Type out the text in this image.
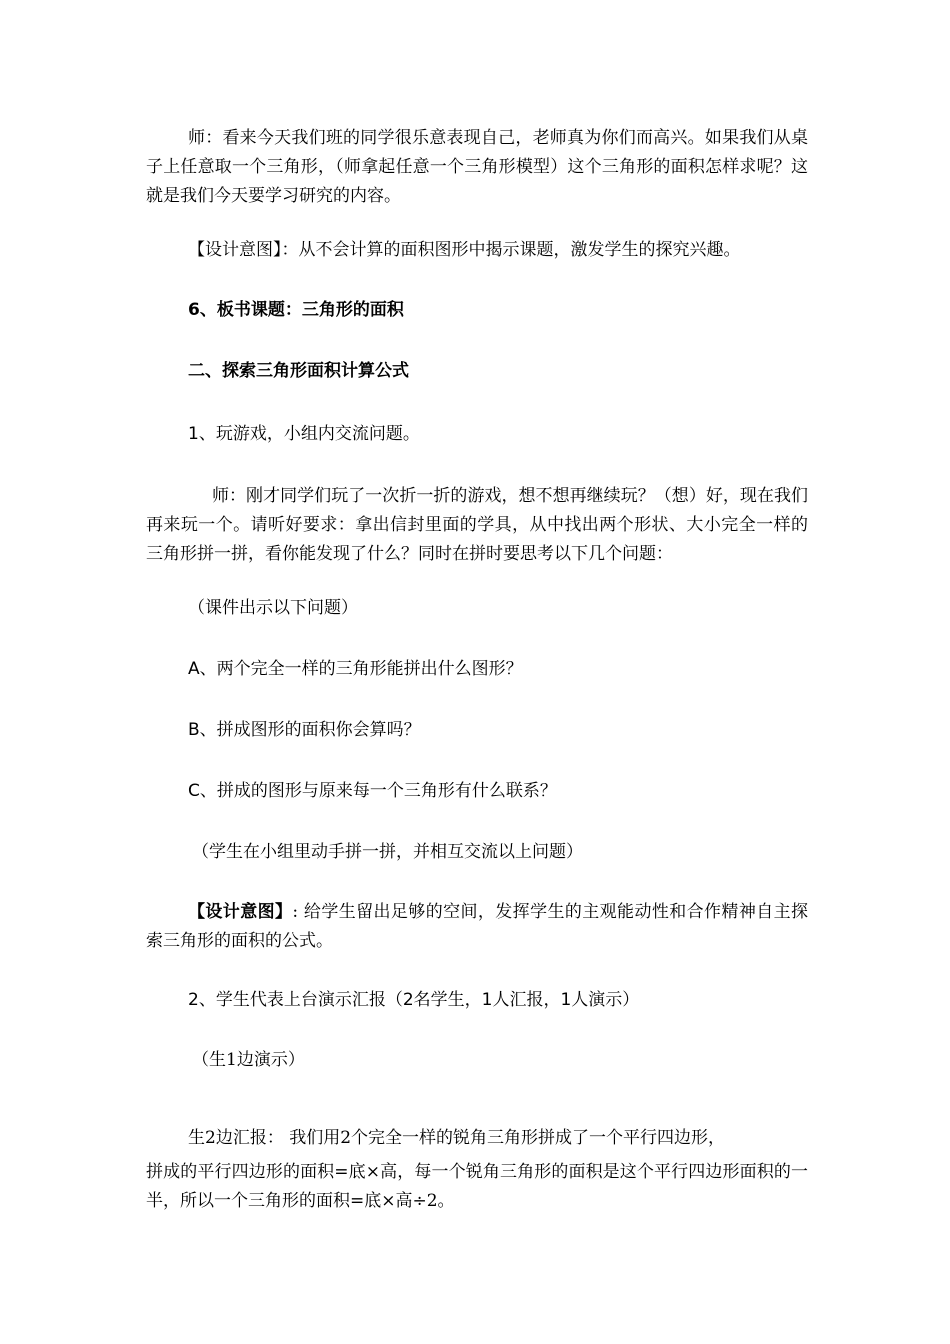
师：看来今天我们班的同学很乐意表现自己，老师真为你们而高兴。如果我们从桌子上任意取一个三角形，（师拿起任意一个三角形模型）这个三角形的面积怎样求呢？这就是我们今天要学习研究的内容。

【设计意图】：从不会计算的面积图形中揭示课题，激发学生的探究兴趣。

6、板书课题：三角形的面积

二、探索三角形面积计算公式

1、玩游戏，小组内交流问题。

师：刚才同学们玩了一次折一折的游戏，想不想再继续玩？（想）好，现在我们再来玩一个。请听好要求：拿出信封里面的学具，从中找出两个形状、大小完全一样的三角形拼一拼，看你能发现了什么？同时在拼时要思考以下几个问题：

（课件出示以下问题）

A、两个完全一样的三角形能拼出什么图形？

B、拼成图形的面积你会算吗？

C、拼成的图形与原来每一个三角形有什么联系？

（学生在小组里动手拼一拼，并相互交流以上问题）

【设计意图】: 给学生留出足够的空间，发挥学生的主观能动性和合作精神自主探索三角形的面积的公式。

2、学生代表上台演示汇报（2名学生，1人汇报，1人演示）

（生1边演示）

生2边汇报： 我们用2个完全一样的锐角三角形拼成了一个平行四边形，

拼成的平行四边形的面积=底×高，每一个锐角三角形的面积是这个平行四边形面积的一半，所以一个三角形的面积=底×高÷2。
